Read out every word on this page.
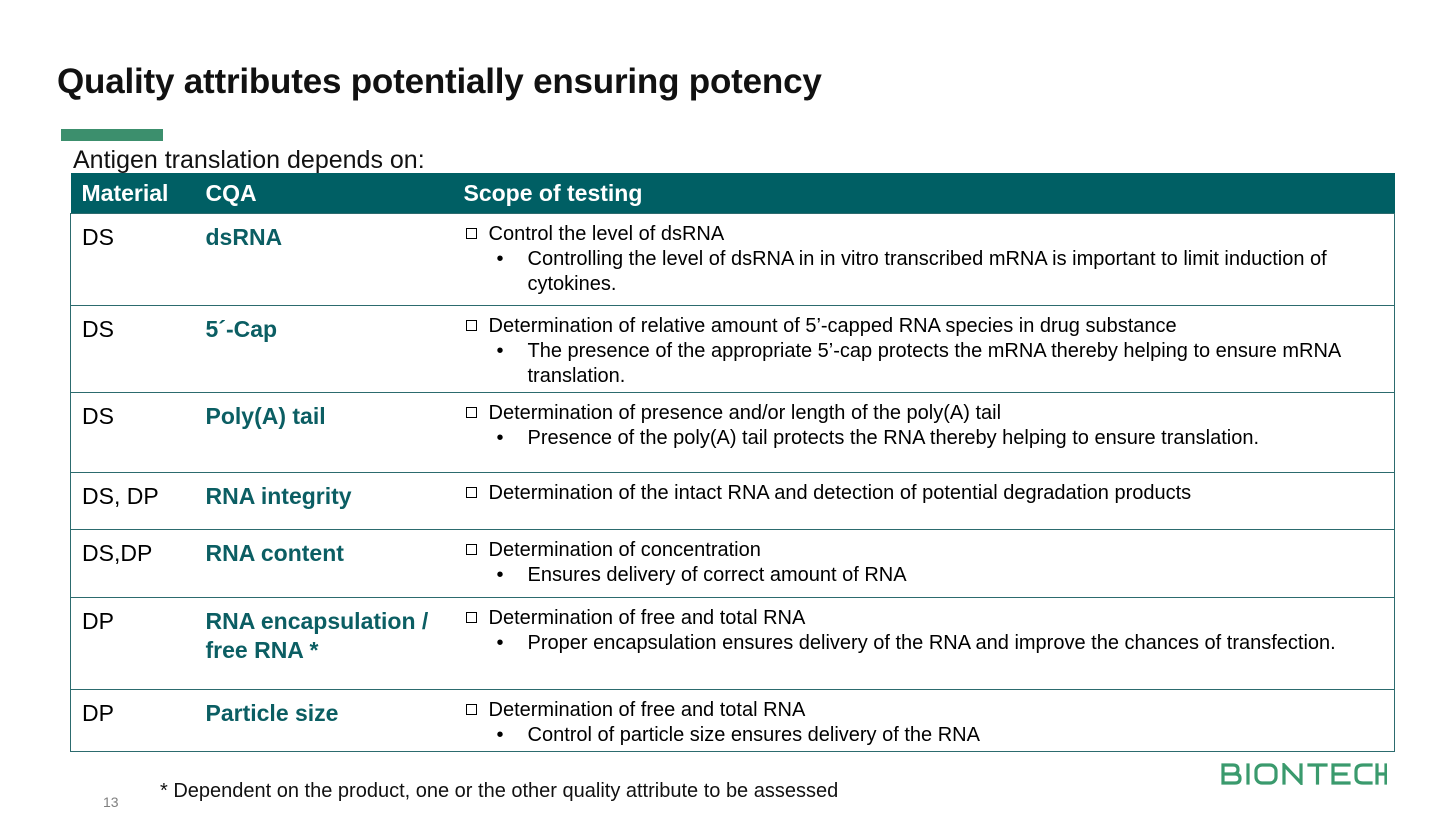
Quality attributes potentially ensuring potency
Antigen translation depends on:
Material	CQA	Scope of testing
DS	dsRNA	Control the level of dsRNA
• Controlling the level of dsRNA in in vitro transcribed mRNA is important to limit induction of cytokines.

DS	5´-Cap	Determination of relative amount of 5’-capped RNA species in drug substance
• The presence of the appropriate 5’-cap protects the mRNA thereby helping to ensure mRNA translation.

DS	Poly(A) tail	Determination of presence and/or length of the poly(A) tail
• Presence of the poly(A) tail protects the RNA thereby helping to ensure translation.

DS, DP	RNA integrity	Determination of the intact RNA and detection of potential degradation products

DS,DP	RNA content	Determination of concentration
• Ensures delivery of correct amount of RNA

DP	RNA encapsulation / free RNA *	Determination of free and total RNA
• Proper encapsulation ensures delivery of the RNA and improve the chances of transfection.

DP	Particle size	Determination of free and total RNA
• Control of particle size ensures delivery of the RNA
13 * Dependent on the product, one or the other quality attribute to be assessed
